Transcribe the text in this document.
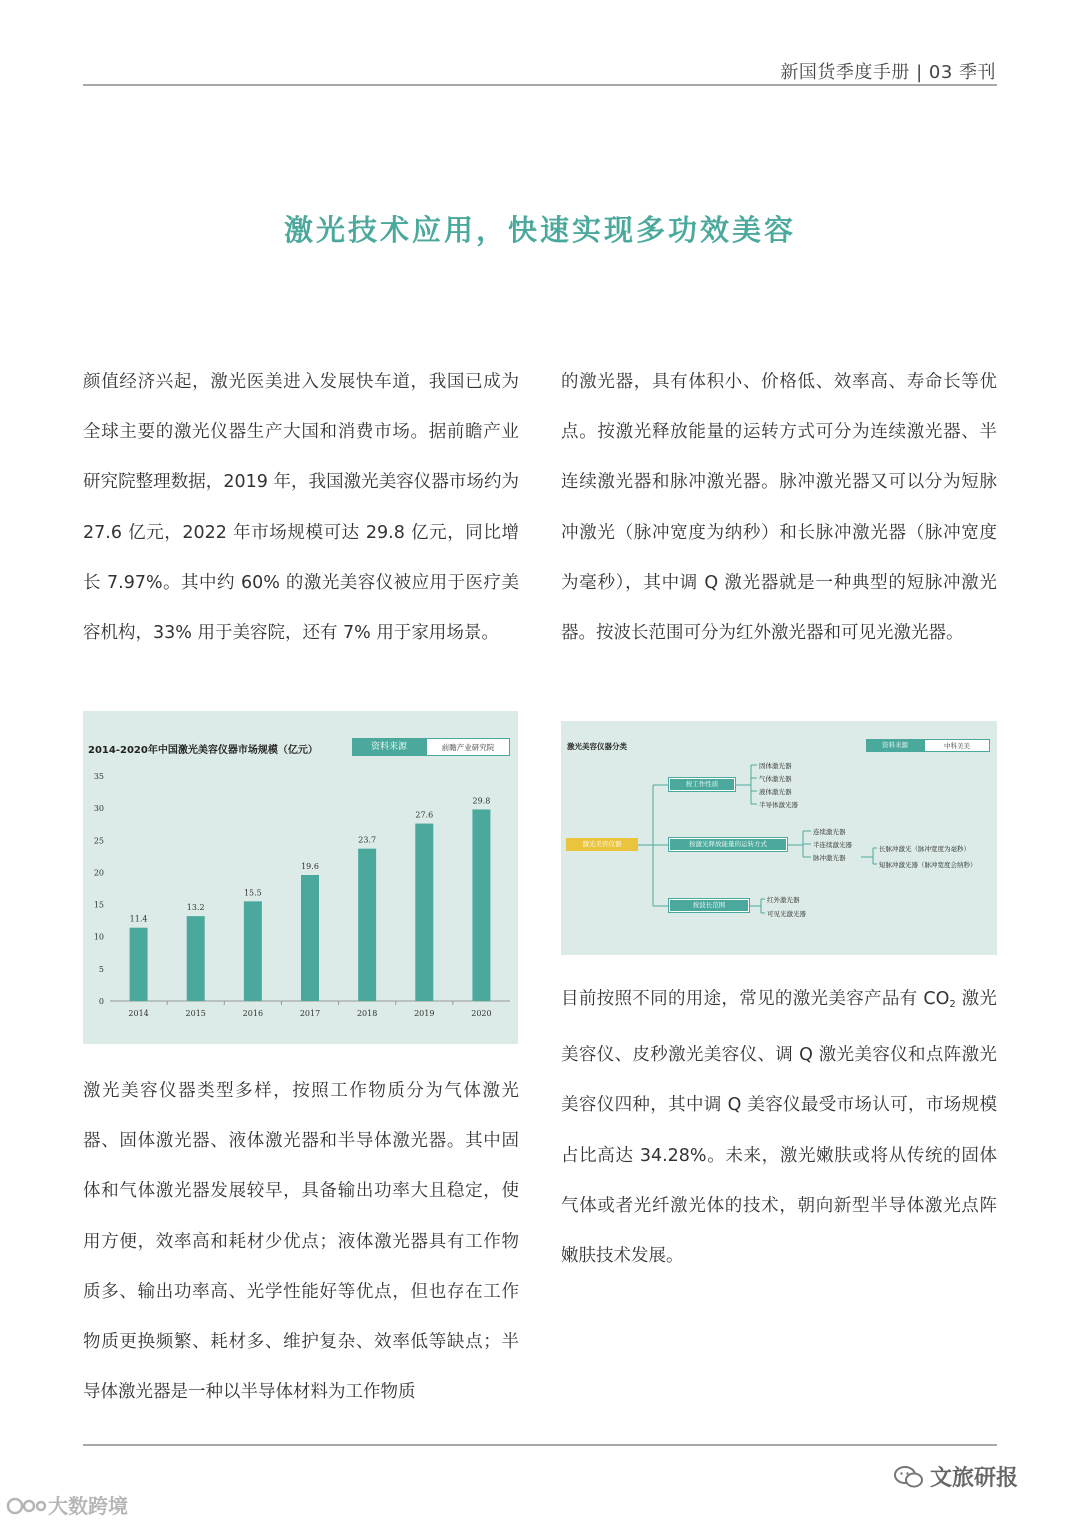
新国货季度手册 | 03 季刊
激光技术应用，快速实现多功效美容
颜值经济兴起，激光医美进入发展快车道，我国已成为全球主要的激光仪器生产大国和消费市场。据前瞻产业研究院整理数据，2019 年，我国激光美容仪器市场约为 27.6 亿元，2022 年市场规模可达 29.8 亿元，同比增长 7.97%。其中约 60% 的激光美容仪被应用于医疗美容机构，33% 用于美容院，还有 7% 用于家用场景。
的激光器，具有体积小、价格低、效率高、寿命长等优点。按激光释放能量的运转方式可分为连续激光器、半连续激光器和脉冲激光器。脉冲激光器又可以分为短脉冲激光（脉冲宽度为纳秒）和长脉冲激光器（脉冲宽度为毫秒），其中调 Q 激光器就是一种典型的短脉冲激光器。按波长范围可分为红外激光器和可见光激光器。
激光美容仪器类型多样，按照工作物质分为气体激光器、固体激光器、液体激光器和半导体激光器。其中固体和气体激光器发展较早，具备输出功率大且稳定，使用方便，效率高和耗材少优点；液体激光器具有工作物质多、输出功率高、光学性能好等优点，但也存在工作物质更换频繁、耗材多、维护复杂、效率低等缺点；半导体激光器是一种以半导体材料为工作物质
目前按照不同的用途，常见的激光美容产品有 $CO_2$ 激光美容仪、皮秒激光美容仪、调 Q 激光美容仪和点阵激光美容仪四种，其中调 Q 美容仪最受市场认可，市场规模占比高达 34.28%。未来，激光嫩肤或将从传统的固体气体或者光纤激光体的技术，朝向新型半导体激光点阵嫩肤技术发展。
2014-2020年中国激光美容仪器市场规模（亿元）	资料来源	前瞻产业研究院
0
5
10
15
20
25
30
35
11.4
2014
13.2
2015
15.5
2016
19.6
2017
23.7
2018
27.6
2019
29.8
2020
激光美容仪器分类	资料来源	中科美美
激光美容仪器
按工作性质
按激光释放能量的运转方式
按波长范围
固体激光器
气体激光器
液体激光器
半导体激光器
连续激光器
半连续激光器
脉冲激光器
长脉冲激光（脉冲宽度为毫秒）
短脉冲激光器（脉冲宽度会纳秒）
红外激光器
可见光激光器
文旅研报
大数跨境
